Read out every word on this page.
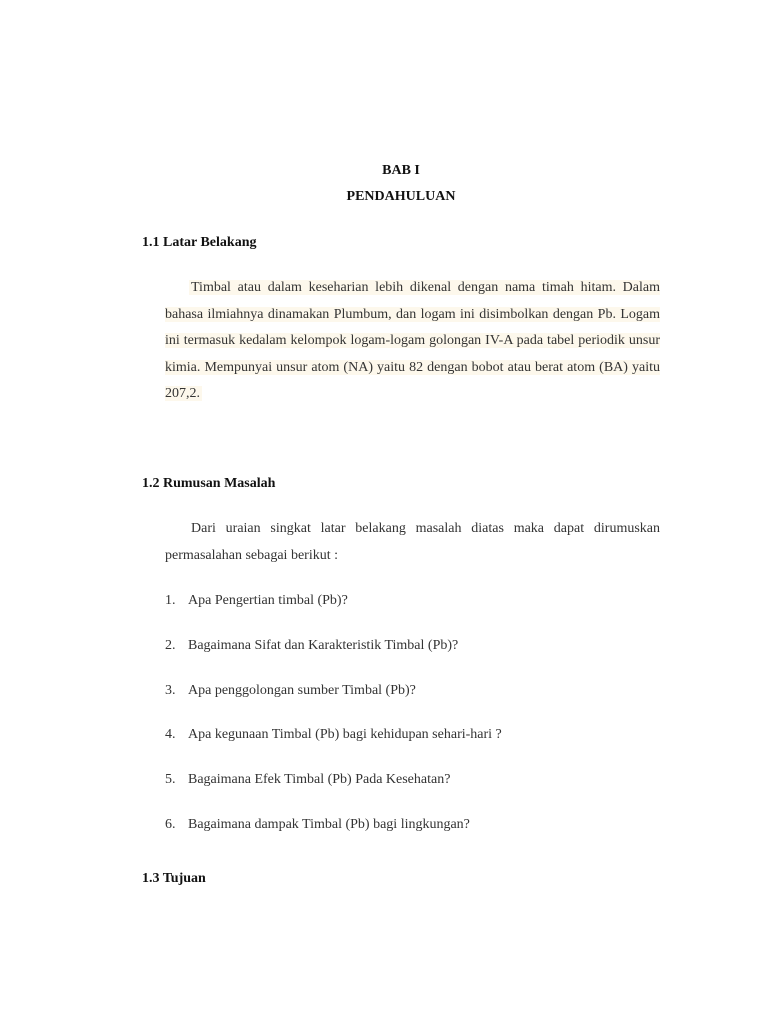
BAB I
PENDAHULUAN
1.1 Latar Belakang
Timbal atau dalam keseharian lebih dikenal dengan nama timah hitam. Dalam bahasa ilmiahnya dinamakan Plumbum, dan logam ini disimbolkan dengan Pb. Logam ini termasuk kedalam kelompok logam-logam golongan IV-A pada tabel periodik unsur kimia. Mempunyai unsur atom (NA) yaitu 82 dengan bobot atau berat atom (BA) yaitu 207,2.
1.2 Rumusan Masalah
Dari uraian singkat latar belakang masalah diatas maka dapat dirumuskan permasalahan sebagai berikut :
1. Apa Pengertian timbal (Pb)?
2. Bagaimana Sifat dan Karakteristik Timbal (Pb)?
3. Apa penggolongan sumber Timbal (Pb)?
4. Apa kegunaan Timbal (Pb) bagi kehidupan sehari-hari ?
5. Bagaimana Efek Timbal (Pb) Pada Kesehatan?
6. Bagaimana dampak Timbal (Pb) bagi lingkungan?
1.3 Tujuan
